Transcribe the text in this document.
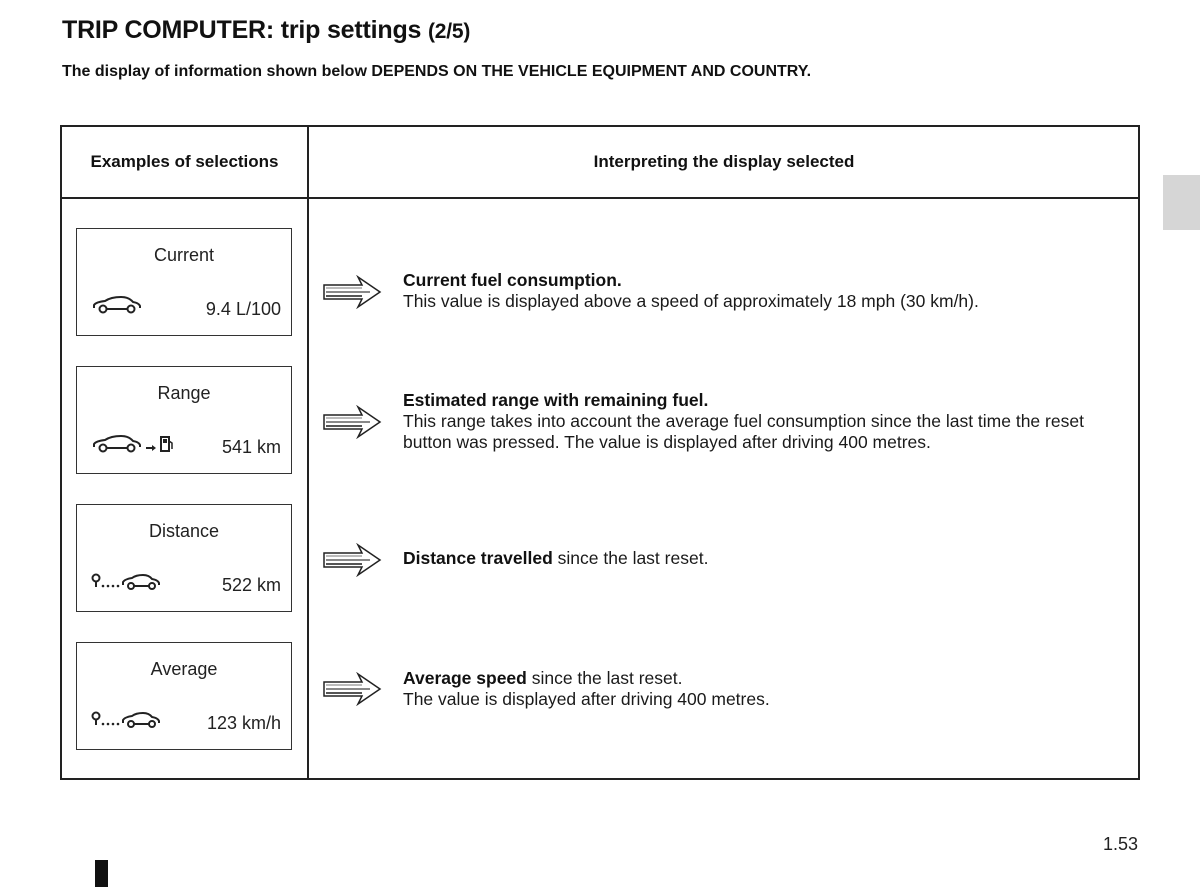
TRIP COMPUTER: trip settings (2/5)

The display of information shown below DEPENDS ON THE VEHICLE EQUIPMENT AND COUNTRY.

Examples of selections	Interpreting the display selected
Current
9.4 L/100
Current fuel consumption.
This value is displayed above a speed of approximately 18 mph (30 km/h).
Range
541 km
Estimated range with remaining fuel.
This range takes into account the average fuel consumption since the last time the reset
button was pressed. The value is displayed after driving 400 metres.
Distance
522 km
Distance travelled since the last reset.
Average
123 km/h
Average speed since the last reset.
The value is displayed after driving 400 metres.
1.53
